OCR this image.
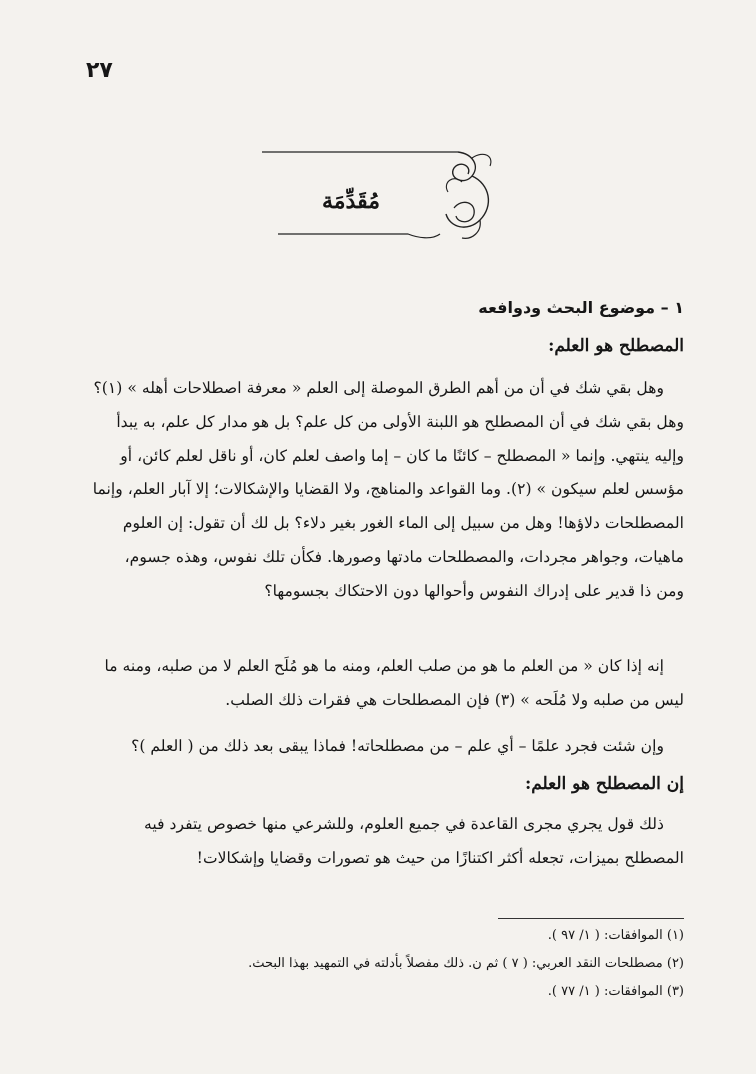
٢٧
مُقَدِّمَة
١ – موضوع البحث ودوافعه
المصطلح هو العلم:

وهل بقي شك في أن من أهم الطرق الموصلة إلى العلم « معرفة اصطلاحات أهله » (١)؟ وهل بقي شك في أن المصطلح هو اللبنة الأولى من كل علم؟ بل هو مدار كل علم، به يبدأ وإليه ينتهي. وإنما « المصطلح – كائنًا ما كان – إما واصف لعلم كان، أو ناقل لعلم كائن، أو مؤسس لعلم سيكون » (٢). وما القواعد والمناهج، ولا القضايا والإشكالات؛ إلا آبار العلم، وإنما المصطلحات دلاؤها! وهل من سبيل إلى الماء الغور بغير دلاء؟ بل لك أن تقول: إن العلوم ماهيات، وجواهر مجردات، والمصطلحات مادتها وصورها. فكأن تلك نفوس، وهذه جسوم، ومن ذا قدير على إدراك النفوس وأحوالها دون الاحتكاك بجسومها؟

إنه إذا كان « من العلم ما هو من صلب العلم، ومنه ما هو مُلَح العلم لا من صلبه، ومنه ما ليس من صلبه ولا مُلَحه » (٣) فإن المصطلحات هي فقرات ذلك الصلب.

وإن شئت فجرد علمًا – أي علم – من مصطلحاته! فماذا يبقى بعد ذلك من ( العلم )؟

إن المصطلح هو العلم:

ذلك قول يجري مجرى القاعدة في جميع العلوم، وللشرعي منها خصوص يتفرد فيه المصطلح بميزات، تجعله أكثر اكتنازًا من حيث هو تصورات وقضايا وإشكالات!

(١) الموافقات: ( ١/ ٩٧ ).
(٢) مصطلحات النقد العربي: ( ٧ ) ثم ن. ذلك مفصلاً بأدلته في التمهيد بهذا البحث.
(٣) الموافقات: ( ١/ ٧٧ ).
